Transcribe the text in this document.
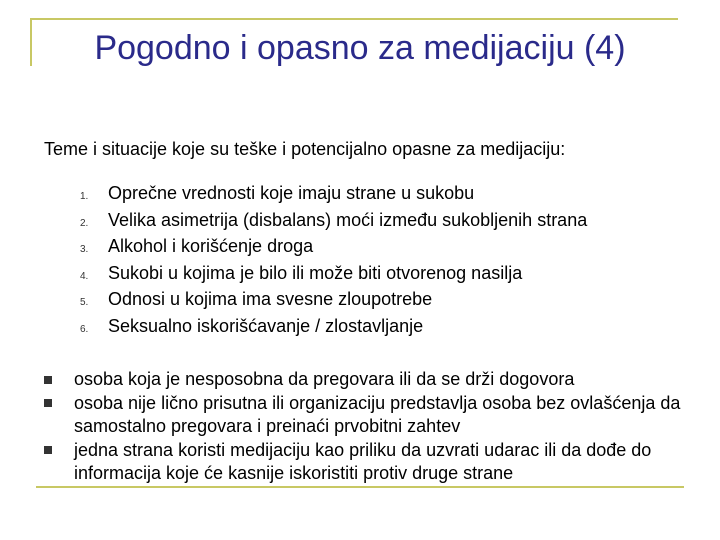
Pogodno i opasno za medijaciju (4)
Teme i situacije koje su teške i potencijalno opasne za medijaciju:
1.	Oprečne vrednosti koje imaju strane u sukobu
2.	Velika asimetrija (disbalans) moći između sukobljenih strana
3.	Alkohol i korišćenje droga
4.	Sukobi u kojima je bilo ili može biti otvorenog nasilja
5.	Odnosi u kojima ima svesne zloupotrebe
6.	Seksualno iskorišćavanje / zlostavljanje
osoba koja je nesposobna da pregovara ili da se drži dogovora
osoba nije lično prisutna ili organizaciju predstavlja osoba bez ovlašćenja da samostalno pregovara i preinaći prvobitni zahtev
jedna strana koristi medijaciju kao priliku da uzvrati udarac ili da dođe do informacija koje će kasnije iskoristiti protiv druge strane
